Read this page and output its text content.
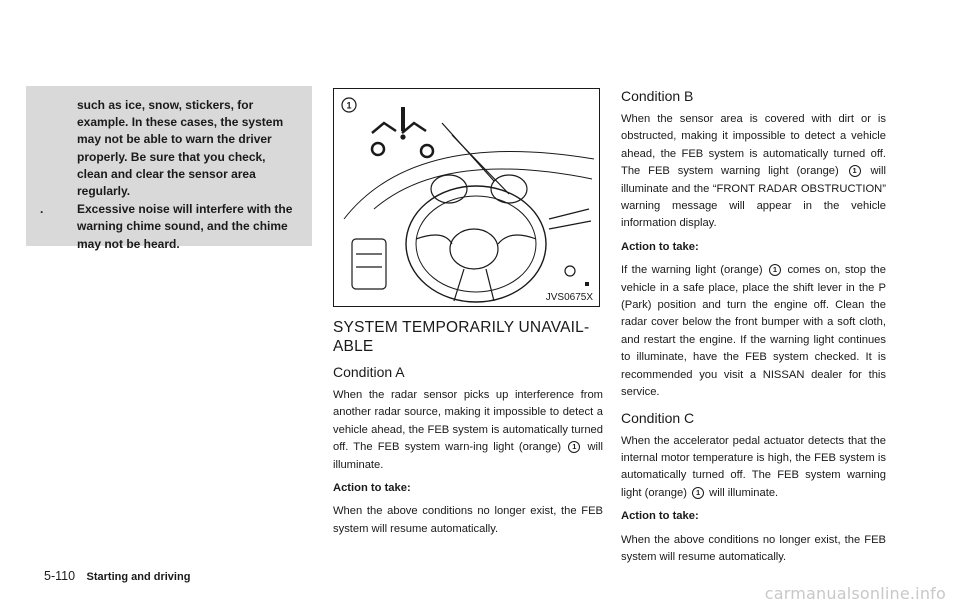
such as ice, snow, stickers, for example. In these cases, the system may not be able to warn the driver properly. Be sure that you check, clean and clear the sensor area regularly.

.	Excessive noise will interfere with the warning chime sound, and the chime may not be heard.
1
JVS0675X
SYSTEM TEMPORARILY UNAVAIL-ABLE
Condition A

When the radar sensor picks up interference from another radar source, making it impossible to detect a vehicle ahead, the FEB system is automatically turned off. The FEB system warn-ing light (orange) 1 will illuminate.

Action to take:

When the above conditions no longer exist, the FEB system will resume automatically.

Condition B

When the sensor area is covered with dirt or is obstructed, making it impossible to detect a vehicle ahead, the FEB system is automatically turned off. The FEB system warning light (orange) 1 will illuminate and the “FRONT RADAR OBSTRUCTION” warning message will appear in the vehicle information display.

Action to take:

If the warning light (orange) 1 comes on, stop the vehicle in a safe place, place the shift lever in the P (Park) position and turn the engine off. Clean the radar cover below the front bumper with a soft cloth, and restart the engine. If the warning light continues to illuminate, have the FEB system checked. It is recommended you visit a NISSAN dealer for this service.

Condition C

When the accelerator pedal actuator detects that the internal motor temperature is high, the FEB system is automatically turned off. The FEB system warning light (orange) 1 will illuminate.

Action to take:

When the above conditions no longer exist, the FEB system will resume automatically.

5-110 Starting and driving
carmanualsonline.info
